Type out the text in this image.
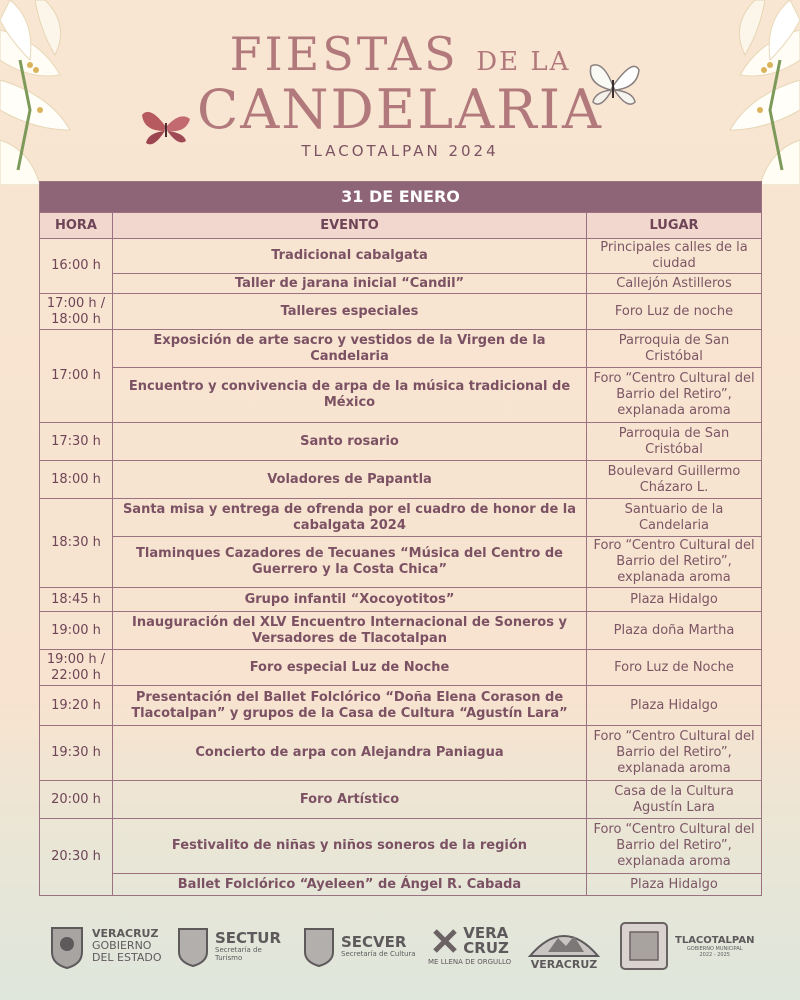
FIESTAS DE LA
CANDELARIA
TLACOTALPAN 2024
31 DE ENERO		
HORA	EVENTO	LUGAR
16:00 h	Tradicional cabalgata	Principales calles de la ciudad
	Taller de jarana inicial “Candil”	Callejón Astilleros
17:00 h / 18:00 h	Talleres especiales	Foro Luz de noche
17:00 h	Exposición de arte sacro y vestidos de la Virgen de la Candelaria	Parroquia de San Cristóbal
	Encuentro y convivencia de arpa de la música tradicional de México	Foro “Centro Cultural del Barrio del Retiro”, explanada aroma
17:30 h	Santo rosario	Parroquia de San Cristóbal
18:00 h	Voladores de Papantla	Boulevard Guillermo Cházaro L.
18:30 h	Santa misa y entrega de ofrenda por el cuadro de honor de la cabalgata 2024	Santuario de la Candelaria
	Tlaminques Cazadores de Tecuanes “Música del Centro de Guerrero y la Costa Chica”	Foro “Centro Cultural del Barrio del Retiro”, explanada aroma
18:45 h	Grupo infantil “Xocoyotitos”	Plaza Hidalgo
19:00 h	Inauguración del XLV Encuentro Internacional de Soneros y Versadores de Tlacotalpan	Plaza doña Martha
19:00 h / 22:00 h	Foro especial Luz de Noche	Foro Luz de Noche
19:20 h	Presentación del Ballet Folclórico “Doña Elena Corason de Tlacotalpan” y grupos de la Casa de Cultura “Agustín Lara”	Plaza Hidalgo
19:30 h	Concierto de arpa con Alejandra Paniagua	Foro “Centro Cultural del Barrio del Retiro”, explanada aroma
20:00 h	Foro Artístico	Casa de la Cultura Agustín Lara
20:30 h	Festivalito de niñas y niños soneros de la región	Foro “Centro Cultural del Barrio del Retiro”, explanada aroma
	Ballet Folclórico “Ayeleen” de Ángel R. Cabada	Plaza Hidalgo
VERACRUZ
GOBIERNO
DEL ESTADO
SECTUR
Secretaría de Turismo
SECVER
Secretaría de Cultura
VERA
CRUZ
ME LLENA DE ORGULLO VERACRUZ
TLACOTALPAN
GOBIERNO MUNICIPAL
2022 - 2025
